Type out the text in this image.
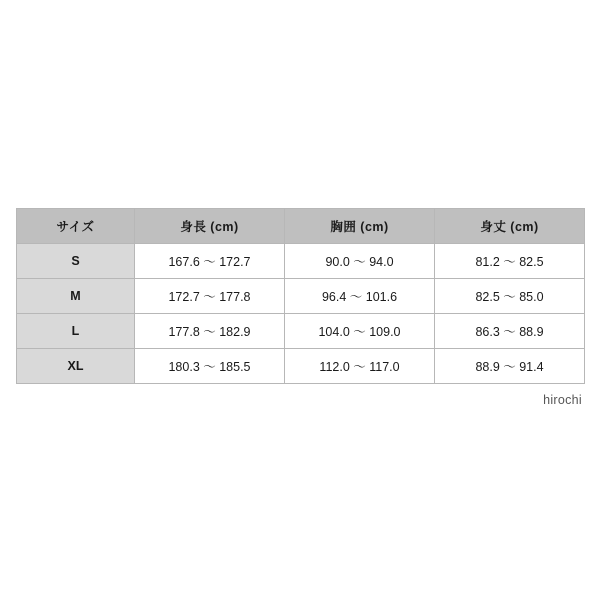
サイズ	身長 (cm)	胸囲 (cm)	身丈 (cm)
S	167.6 〜 172.7	90.0 〜 94.0	81.2 〜 82.5
M	172.7 〜 177.8	96.4 〜 101.6	82.5 〜 85.0
L	177.8 〜 182.9	104.0 〜 109.0	86.3 〜 88.9
XL	180.3 〜 185.5	112.0 〜 117.0	88.9 〜 91.4
hirochi
